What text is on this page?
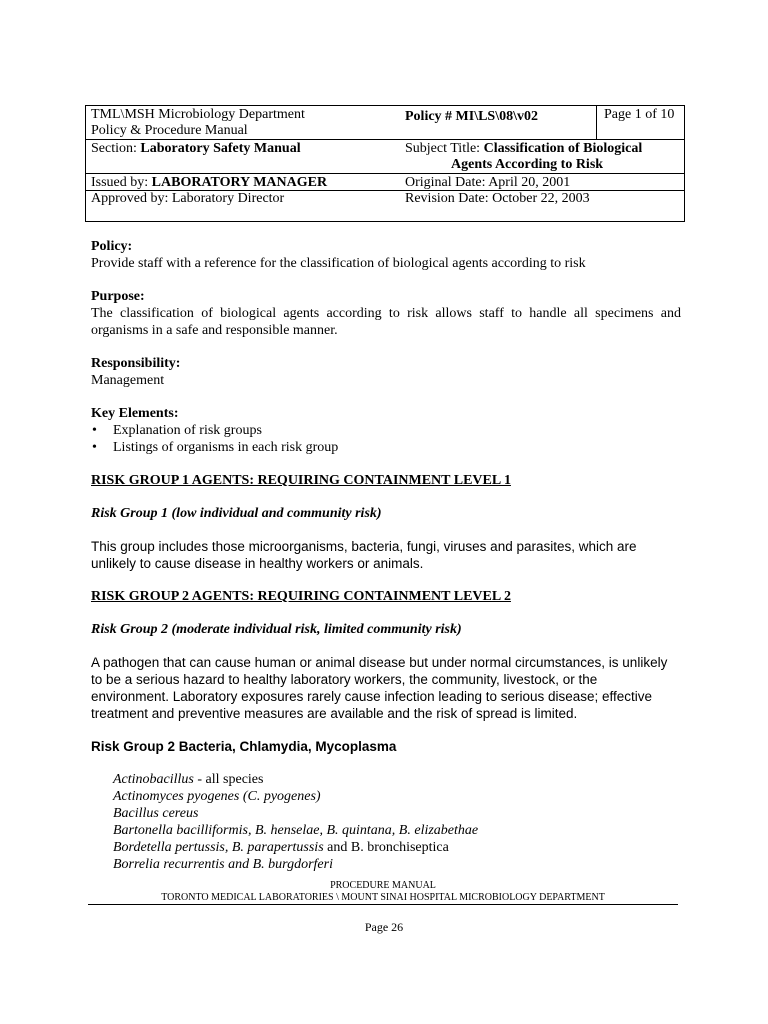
TML\MSH Microbiology Department
Policy & Procedure Manual
Policy # MI\LS\08\v02	Page 1 of 10
Section: Laboratory Safety Manual	Subject Title: Classification of Biological
Agents According to Risk
Issued by: LABORATORY MANAGER
Approved by: Laboratory Director
Original Date: April 20, 2001
Revision Date: October 22, 2003

Policy:

Provide staff with a reference for the classification of biological agents according to risk

Purpose:

The classification of biological agents according to risk allows staff to handle all specimens and organisms in a safe and responsible manner.

Responsibility:

Management

Key Elements:

• Explanation of risk groups
• Listings of organisms in each risk group

RISK GROUP 1 AGENTS: REQUIRING CONTAINMENT LEVEL 1

Risk Group 1 (low individual and community risk)

This group includes those microorganisms, bacteria, fungi, viruses and parasites, which are unlikely to cause disease in healthy workers or animals.

RISK GROUP 2 AGENTS: REQUIRING CONTAINMENT LEVEL 2

Risk Group 2 (moderate individual risk, limited community risk)

A pathogen that can cause human or animal disease but under normal circumstances, is unlikely to be a serious hazard to healthy laboratory workers, the community, livestock, or the

environment. Laboratory exposures rarely cause infection leading to serious disease; effective treatment and preventive measures are available and the risk of spread is limited.

Risk Group 2 Bacteria, Chlamydia, Mycoplasma

Actinobacillus - all species
Actinomyces pyogenes (C. pyogenes)
Bacillus cereus
Bartonella bacilliformis, B. henselae, B. quintana, B. elizabethae
Bordetella pertussis, B. parapertussis and B. bronchiseptica
Borrelia recurrentis and B. burgdorferi
PROCEDURE MANUAL
TORONTO MEDICAL LABORATORIES \ MOUNT SINAI HOSPITAL MICROBIOLOGY DEPARTMENT
Page 26
